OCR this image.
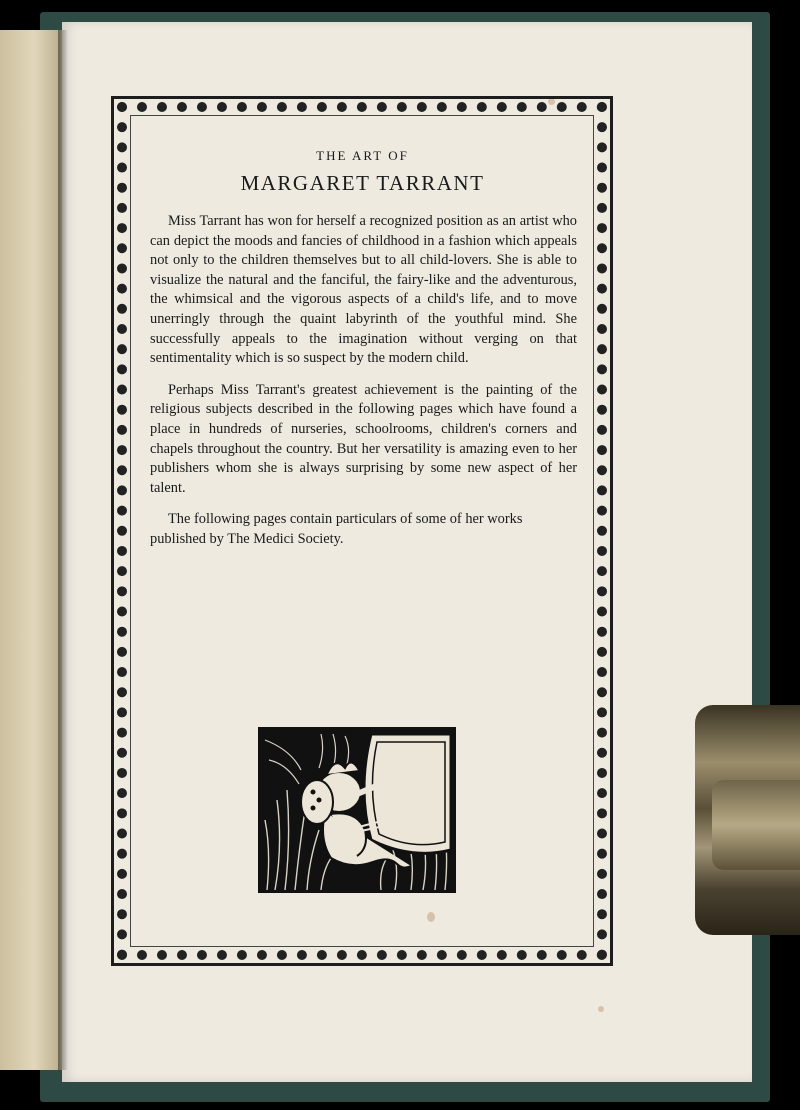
THE ART OF

MARGARET TARRANT

Miss Tarrant has won for herself a recognized position as an artist who can depict the moods and fancies of childhood in a fashion which appeals not only to the children themselves but to all child-lovers. She is able to visualize the natural and the fanciful, the fairy-like and the adventurous, the whimsical and the vigorous aspects of a child's life, and to move unerringly through the quaint labyrinth of the youthful mind. She successfully appeals to the imagination without verging on that sentimentality which is so suspect by the modern child.

Perhaps Miss Tarrant's greatest achievement is the painting of the religious subjects described in the following pages which have found a place in hundreds of nurseries, schoolrooms, children's corners and chapels throughout the country. But her versatility is amazing even to her publishers whom she is always surprising by some new aspect of her talent.

The following pages contain particulars of some of her works published by The Medici Society.
